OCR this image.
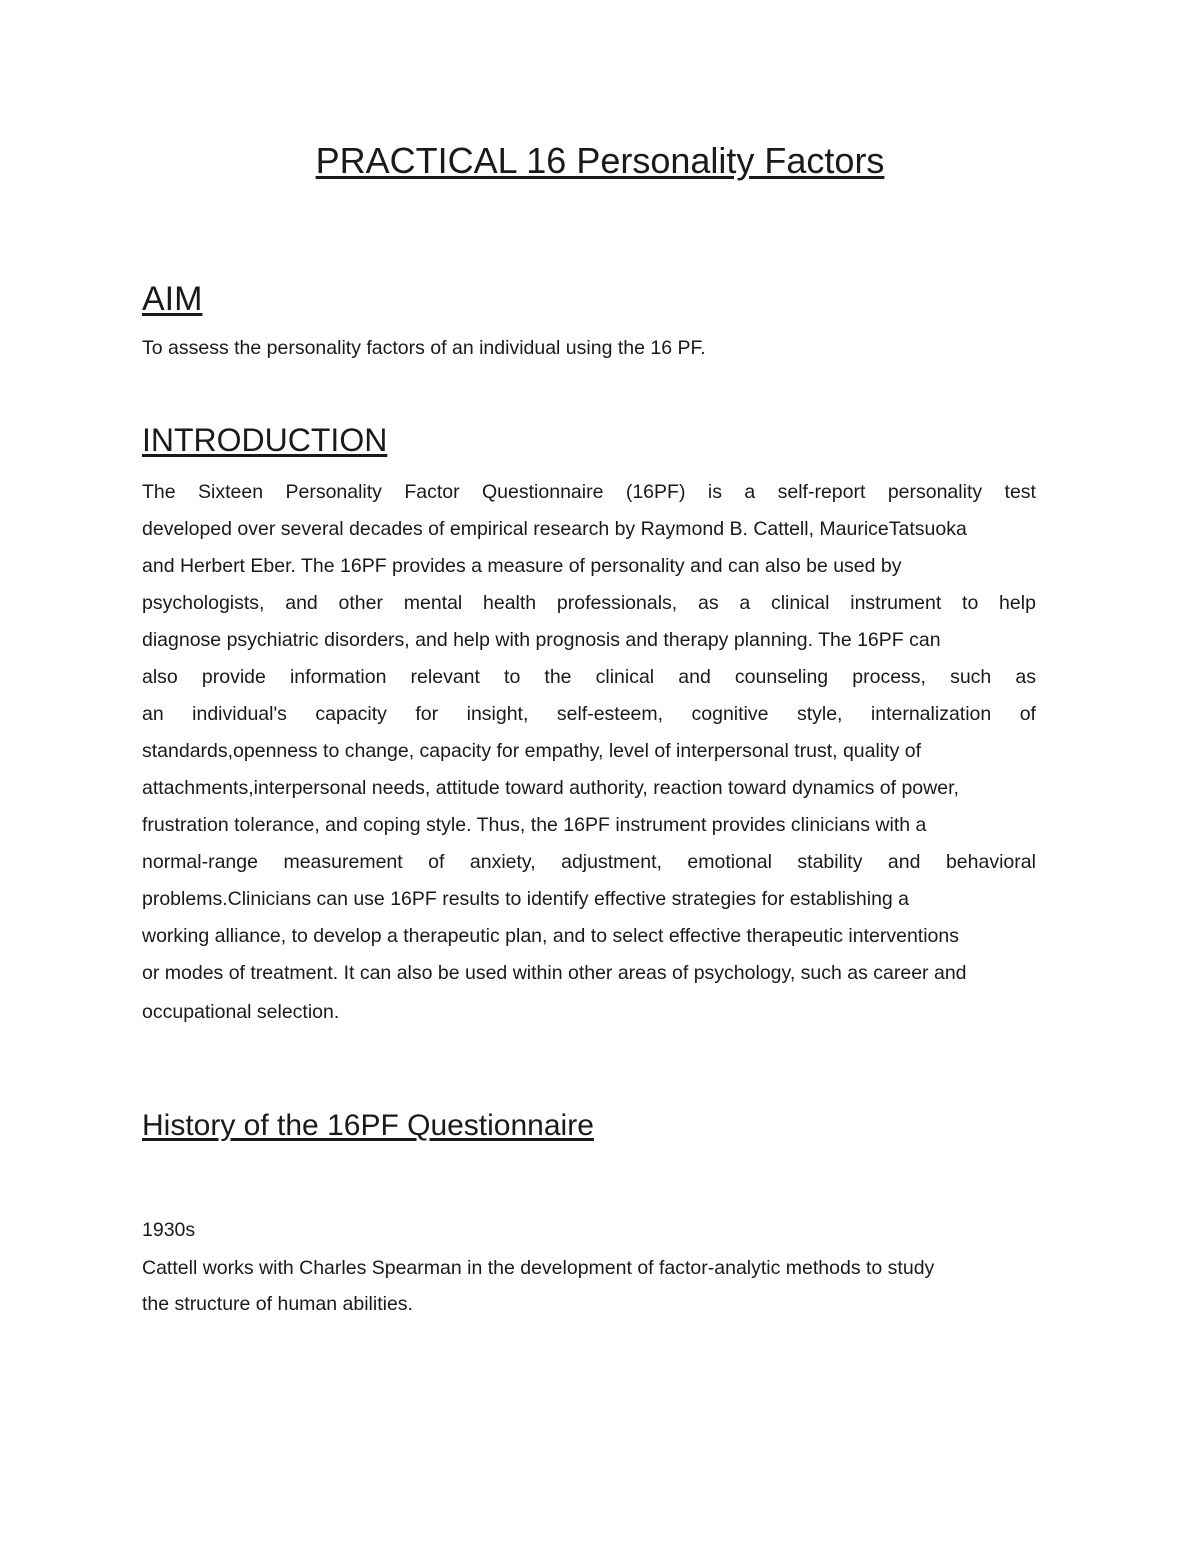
PRACTICAL 16 Personality Factors
AIM

To assess the personality factors of an individual using the 16 PF.

INTRODUCTION

The Sixteen Personality Factor Questionnaire (16PF) is a self-report personality test

developed over several decades of empirical research by Raymond B. Cattell, MauriceTatsuoka

and Herbert Eber. The 16PF provides a measure of personality and can also be used by

psychologists, and other mental health professionals, as a clinical instrument to help

diagnose psychiatric disorders, and help with prognosis and therapy planning. The 16PF can

also provide information relevant to the clinical and counseling process, such as

an individual's capacity for insight, self-esteem, cognitive style, internalization of

standards,openness to change, capacity for empathy, level of interpersonal trust, quality of

attachments,interpersonal needs, attitude toward authority, reaction toward dynamics of power,

frustration tolerance, and coping style. Thus, the 16PF instrument provides clinicians with a

normal-range measurement of anxiety, adjustment, emotional stability and behavioral

problems.Clinicians can use 16PF results to identify effective strategies for establishing a

working alliance, to develop a therapeutic plan, and to select effective therapeutic interventions

or modes of treatment. It can also be used within other areas of psychology, such as career and

occupational selection.

History of the 16PF Questionnaire

1930s

Cattell works with Charles Spearman in the development of factor-analytic methods to study

the structure of human abilities.
